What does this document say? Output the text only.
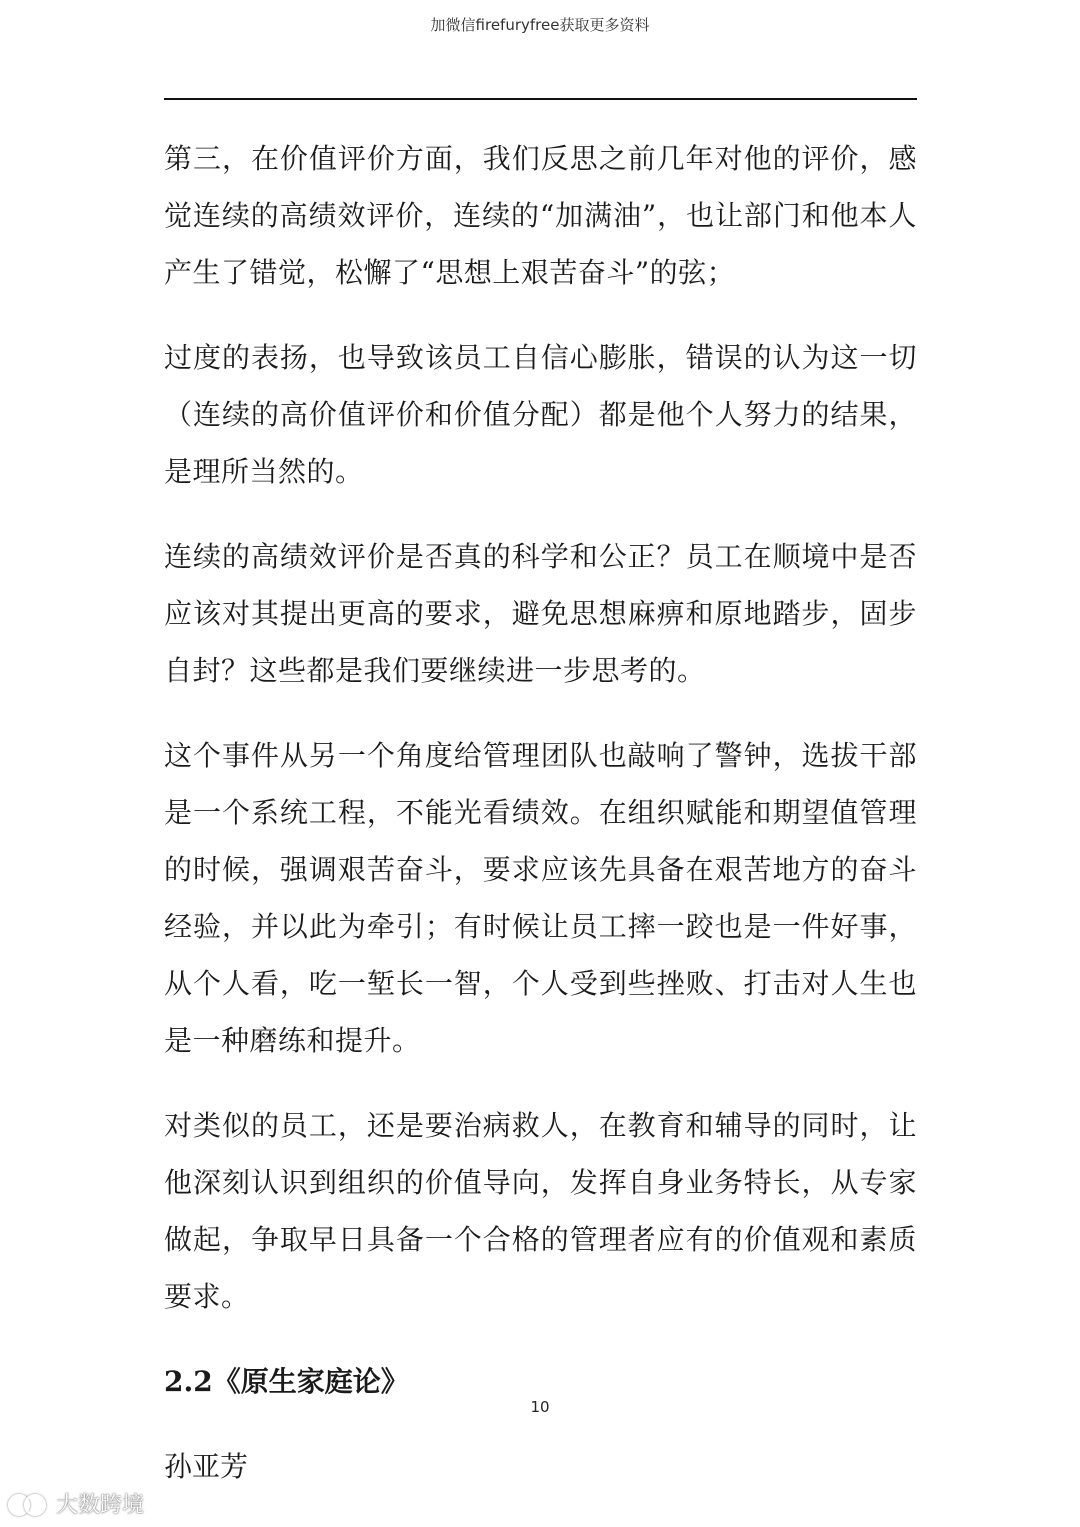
加微信firefuryfree获取更多资料

第三，在价值评价方面，我们反思之前几年对他的评价，感觉连续的高绩效评价，连续的“加满油”，也让部门和他本人产生了错觉，松懈了“思想上艰苦奋斗”的弦；

过度的表扬，也导致该员工自信心膨胀，错误的认为这一切（连续的高价值评价和价值分配）都是他个人努力的结果，是理所当然的。

连续的高绩效评价是否真的科学和公正？员工在顺境中是否应该对其提出更高的要求，避免思想麻痹和原地踏步，固步自封？这些都是我们要继续进一步思考的。

这个事件从另一个角度给管理团队也敲响了警钟，选拔干部是一个系统工程，不能光看绩效。在组织赋能和期望值管理的时候，强调艰苦奋斗，要求应该先具备在艰苦地方的奋斗经验，并以此为牵引；有时候让员工摔一跤也是一件好事，从个人看，吃一堑长一智，个人受到些挫败、打击对人生也是一种磨练和提升。

对类似的员工，还是要治病救人，在教育和辅导的同时，让他深刻认识到组织的价值导向，发挥自身业务特长，从专家做起，争取早日具备一个合格的管理者应有的价值观和素质要求。

2.2《原生家庭论》

孙亚芳

10
大数跨境
